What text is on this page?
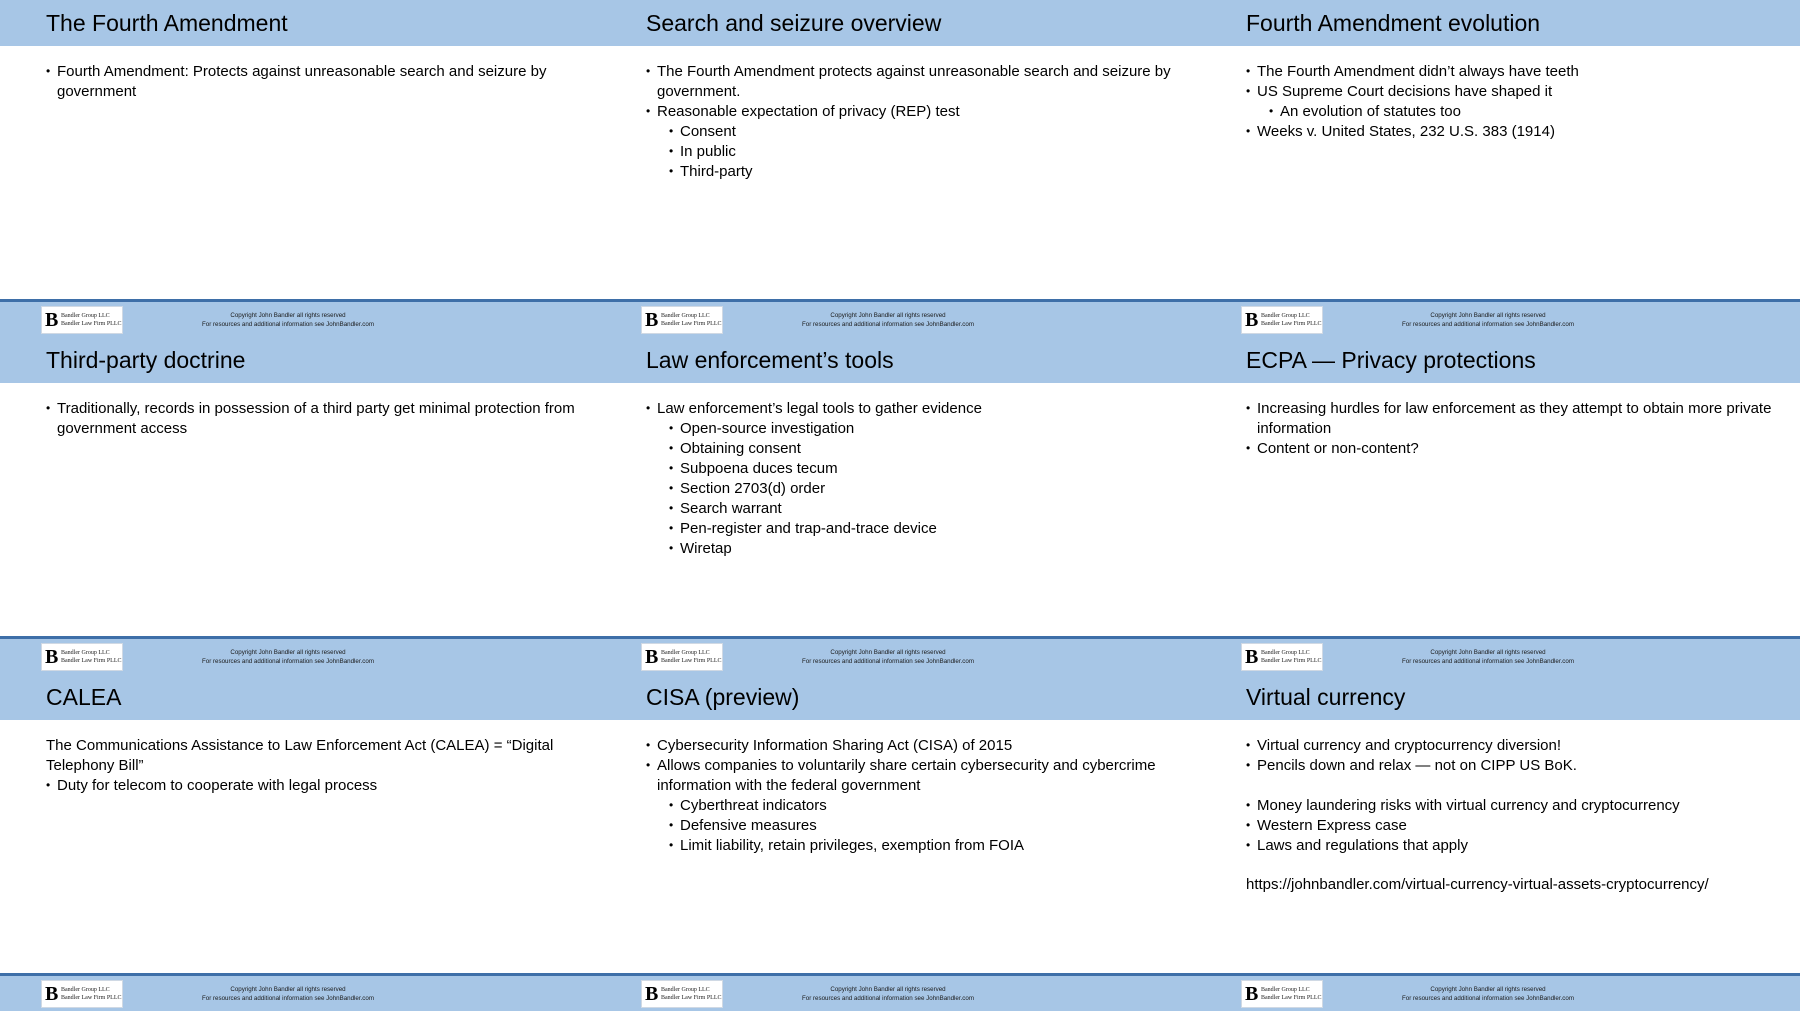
The Fourth Amendment
• Fourth Amendment: Protects against unreasonable search and seizure by government
B Bandler Group LLC
Bandler Law Firm PLLC
Copyright John Bandler all rights reserved
For resources and additional information see JohnBandler.com
Search and seizure overview
• The Fourth Amendment protects against unreasonable search and seizure by government.
• Reasonable expectation of privacy (REP) test
• Consent
• In public
• Third-party
B Bandler Group LLC
Bandler Law Firm PLLC
Copyright John Bandler all rights reserved
For resources and additional information see JohnBandler.com
Fourth Amendment evolution
• The Fourth Amendment didn’t always have teeth
• US Supreme Court decisions have shaped it
• An evolution of statutes too
• Weeks v. United States, 232 U.S. 383 (1914)
B Bandler Group LLC
Bandler Law Firm PLLC
Copyright John Bandler all rights reserved
For resources and additional information see JohnBandler.com
Third-party doctrine
• Traditionally, records in possession of a third party get minimal protection from government access
B Bandler Group LLC
Bandler Law Firm PLLC
Copyright John Bandler all rights reserved
For resources and additional information see JohnBandler.com
Law enforcement’s tools
• Law enforcement’s legal tools to gather evidence
• Open-source investigation
• Obtaining consent
• Subpoena duces tecum
• Section 2703(d) order
• Search warrant
• Pen-register and trap-and-trace device
• Wiretap
B Bandler Group LLC
Bandler Law Firm PLLC
Copyright John Bandler all rights reserved
For resources and additional information see JohnBandler.com
ECPA — Privacy protections
• Increasing hurdles for law enforcement as they attempt to obtain more private information
• Content or non-content?
B Bandler Group LLC
Bandler Law Firm PLLC
Copyright John Bandler all rights reserved
For resources and additional information see JohnBandler.com
CALEA
The Communications Assistance to Law Enforcement Act (CALEA) = “Digital Telephony Bill”
• Duty for telecom to cooperate with legal process
B Bandler Group LLC
Bandler Law Firm PLLC
Copyright John Bandler all rights reserved
For resources and additional information see JohnBandler.com
CISA (preview)
• Cybersecurity Information Sharing Act (CISA) of 2015
• Allows companies to voluntarily share certain cybersecurity and cybercrime information with the federal government
• Cyberthreat indicators
• Defensive measures
• Limit liability, retain privileges, exemption from FOIA
B Bandler Group LLC
Bandler Law Firm PLLC
Copyright John Bandler all rights reserved
For resources and additional information see JohnBandler.com
Virtual currency
• Virtual currency and cryptocurrency diversion!
• Pencils down and relax — not on CIPP US BoK.
• Money laundering risks with virtual currency and cryptocurrency
• Western Express case
• Laws and regulations that apply
https://johnbandler.com/virtual-currency-virtual-assets-cryptocurrency/
B Bandler Group LLC
Bandler Law Firm PLLC
Copyright John Bandler all rights reserved
For resources and additional information see JohnBandler.com
